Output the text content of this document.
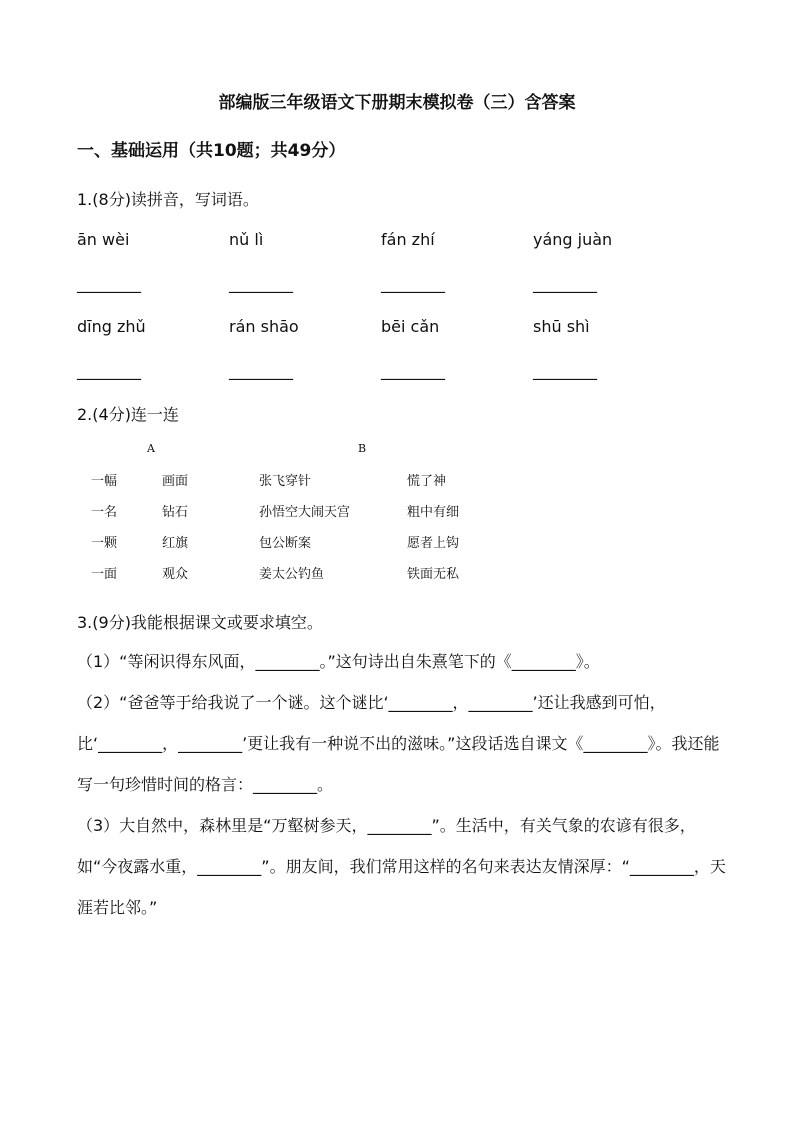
部编版三年级语文下册期末模拟卷（三）含答案
一、基础运用（共10题；共49分）
1.(8分)读拼音，写词语。
ān wèi	nǔ lì	fán zhí	yáng juàn
________	________	________	________
dīng zhǔ	rán shāo	bēi cǎn	shū shì
________	________	________	________
2.(4分)连一连
A	B
一幅	画面	张飞穿针	慌了神
一名	钻石	孙悟空大闹天宫	粗中有细
一颗	红旗	包公断案	愿者上钩
一面	观众	姜太公钓鱼	铁面无私
3.(9分)我能根据课文或要求填空。
（1）“等闲识得东风面，________。”这句诗出自朱熹笔下的《________》。
（2）“爸爸等于给我说了一个谜。这个谜比‘________，________’还让我感到可怕，比‘________，________’更让我有一种说不出的滋味。”这段话选自课文《________》。我还能写一句珍惜时间的格言：________。
（3）大自然中，森林里是“万壑树参天，________”。生活中，有关气象的农谚有很多，如“今夜露水重，________”。朋友间，我们常用这样的名句来表达友情深厚：“________，天涯若比邻。”
